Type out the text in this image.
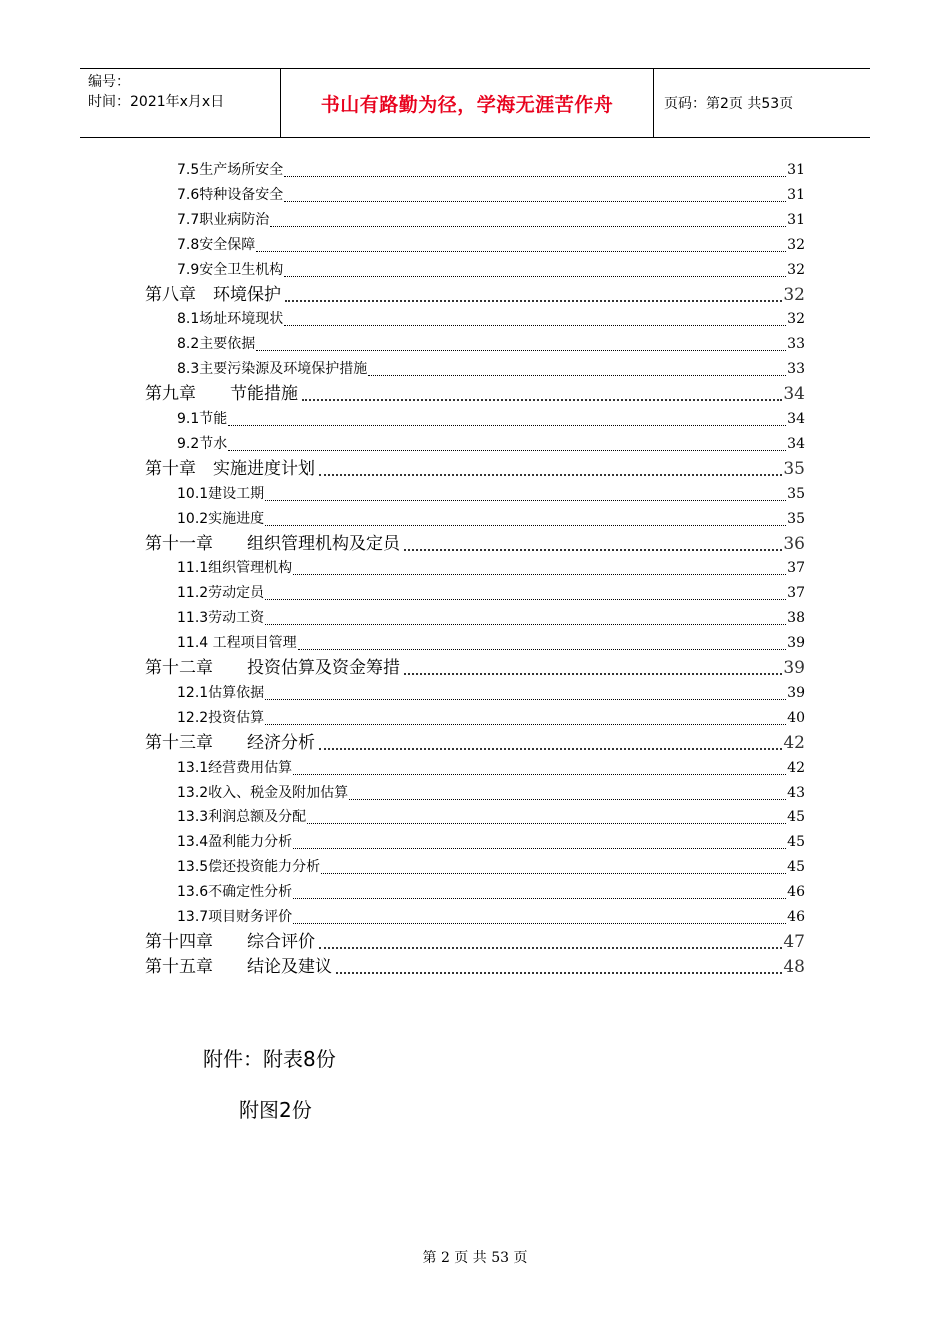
编号：
时间：2021年x月x日	书山有路勤为径，学海无涯苦作舟	页码：第2页 共53页
7.5生产场所安全	31
7.6特种设备安全	31
7.7职业病防治	31
7.8安全保障	32
7.9安全卫生机构	32
第八章　环境保护	32
8.1场址环境现状	32
8.2主要依据	33
8.3主要污染源及环境保护措施	33
第九章　　节能措施	34
9.1节能	34
9.2节水	34
第十章　实施进度计划	35
10.1建设工期	35
10.2实施进度	35
第十一章　　组织管理机构及定员	36
11.1组织管理机构	37
11.2劳动定员	37
11.3劳动工资	38
11.4 工程项目管理	39
第十二章　　投资估算及资金筹措	39
12.1估算依据	39
12.2投资估算	40
第十三章　　经济分析	42
13.1经营费用估算	42
13.2收入、税金及附加估算	43
13.3利润总额及分配	45
13.4盈利能力分析	45
13.5偿还投资能力分析	45
13.6不确定性分析	46
13.7项目财务评价	46
第十四章　　综合评价	47
第十五章　　结论及建议	48
附件：附表8份
附图2份
第 2 页 共 53 页
